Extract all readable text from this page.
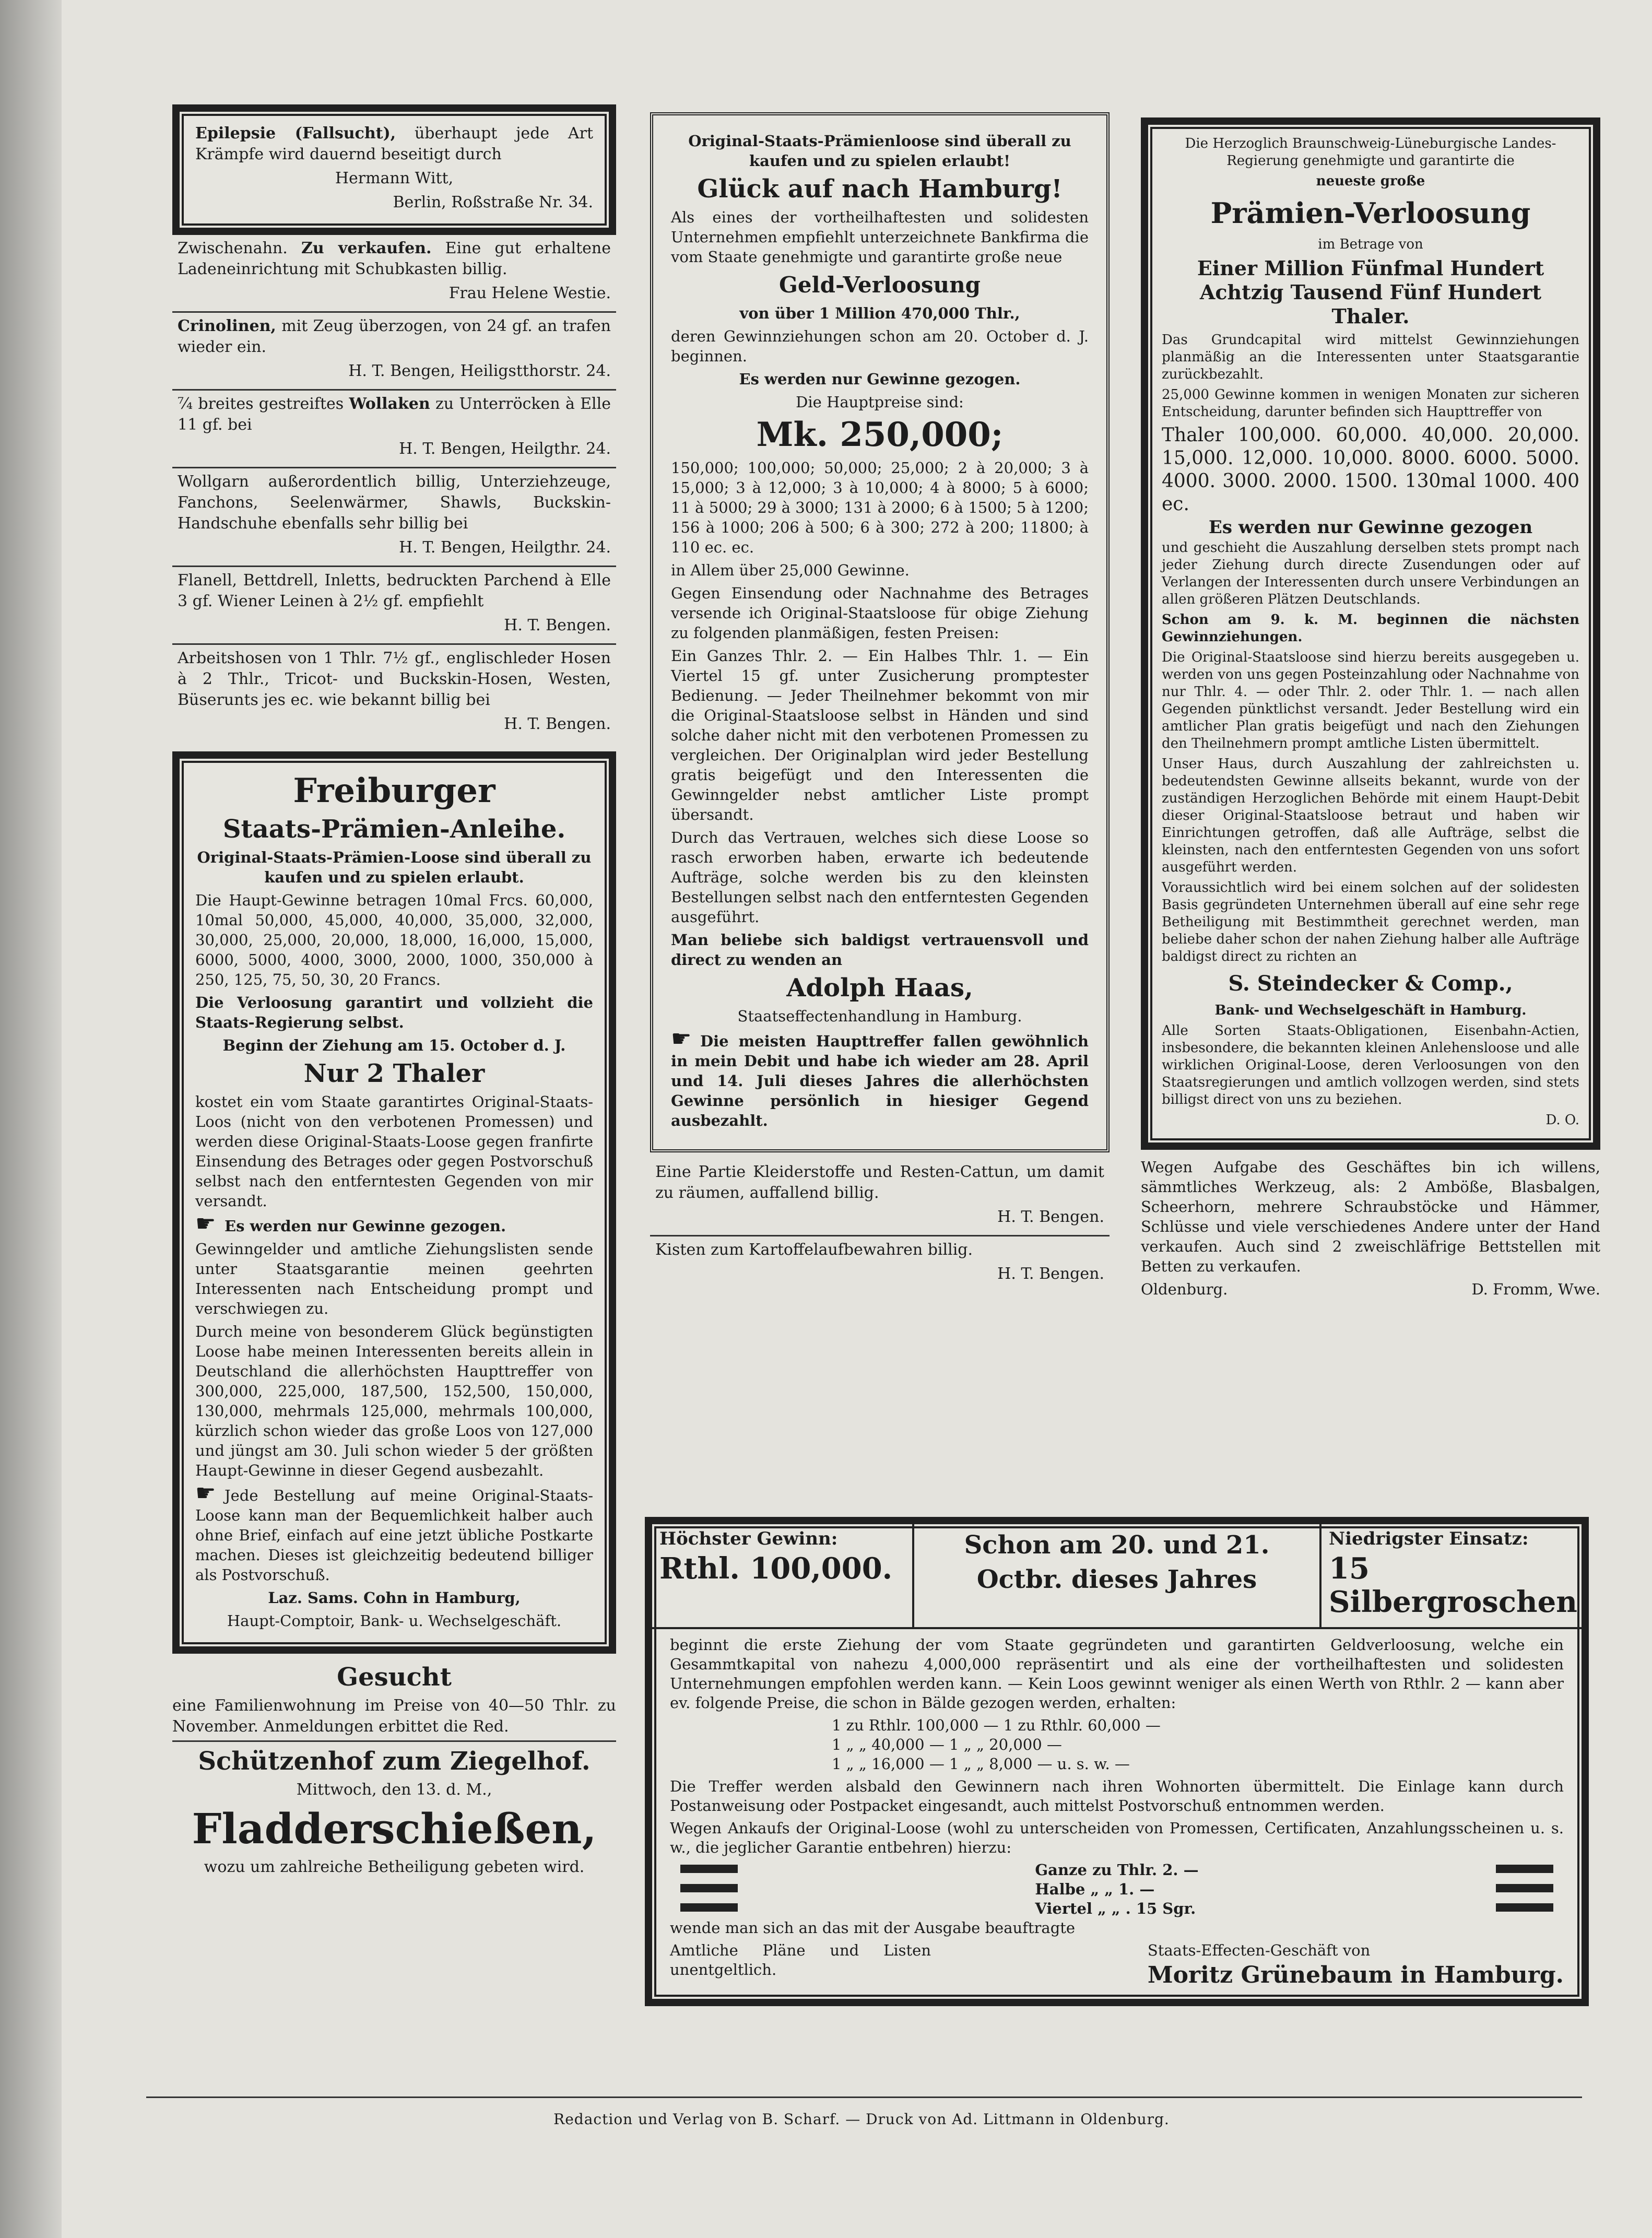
Epilepsie (Fallsucht), überhaupt jede Art Krämpfe wird dauernd beseitigt durch

Hermann Witt,

Berlin, Roßstraße Nr. 34.

Zwischenahn. Zu verkaufen. Eine gut erhaltene Ladeneinrichtung mit Schubkasten billig.

Frau Helene Westie.

Crinolinen, mit Zeug überzogen, von 24 gf. an trafen wieder ein.

H. T. Bengen, Heiligstthorstr. 24.

⁷⁄₄ breites gestreiftes Wollaken zu Unterröcken à Elle 11 gf. bei

H. T. Bengen, Heilgthr. 24.

Wollgarn außerordentlich billig, Unterziehzeuge, Fanchons, Seelenwärmer, Shawls, Buckskin-Handschuhe ebenfalls sehr billig bei

H. T. Bengen, Heilgthr. 24.

Flanell, Bettdrell, Inletts, bedruckten Parchend à Elle 3 gf. Wiener Leinen à 2½ gf. empfiehlt

H. T. Bengen.

Arbeitshosen von 1 Thlr. 7½ gf., englischleder Hosen à 2 Thlr., Tricot- und Buckskin-Hosen, Westen, Büserunts jes ec. wie bekannt billig bei

H. T. Bengen.

Freiburger

Staats-Prämien-Anleihe.

Original-Staats-Prämien-Loose sind überall zu kaufen und zu spielen erlaubt.

Die Haupt-Gewinne betragen 10mal Frcs. 60,000, 10mal 50,000, 45,000, 40,000, 35,000, 32,000, 30,000, 25,000, 20,000, 18,000, 16,000, 15,000, 6000, 5000, 4000, 3000, 2000, 1000, 350,000 à 250, 125, 75, 50, 30, 20 Francs.

Die Verloosung garantirt und vollzieht die Staats-Regierung selbst.

Beginn der Ziehung am 15. October d. J.

Nur 2 Thaler

kostet ein vom Staate garantirtes Original-Staats-Loos (nicht von den verbotenen Promessen) und werden diese Original-Staats-Loose gegen franfirte Einsendung des Betrages oder gegen Postvorschuß selbst nach den entferntesten Gegenden von mir versandt.

☛ Es werden nur Gewinne gezogen.

Gewinngelder und amtliche Ziehungslisten sende unter Staatsgarantie meinen geehrten Interessenten nach Entscheidung prompt und verschwiegen zu.

Durch meine von besonderem Glück begünstigten Loose habe meinen Interessenten bereits allein in Deutschland die allerhöchsten Haupttreffer von 300,000, 225,000, 187,500, 152,500, 150,000, 130,000, mehrmals 125,000, mehrmals 100,000, kürzlich schon wieder das große Loos von 127,000 und jüngst am 30. Juli schon wieder 5 der größten Haupt-Gewinne in dieser Gegend ausbezahlt.

☛ Jede Bestellung auf meine Original-Staats-Loose kann man der Bequemlichkeit halber auch ohne Brief, einfach auf eine jetzt übliche Postkarte machen. Dieses ist gleichzeitig bedeutend billiger als Postvorschuß.

Laz. Sams. Cohn in Hamburg,

Haupt-Comptoir, Bank- u. Wechselgeschäft.

Gesucht

eine Familienwohnung im Preise von 40—50 Thlr. zu November. Anmeldungen erbittet die Red.

Schützenhof zum Ziegelhof.

Mittwoch, den 13. d. M.,

Fladderschießen,

wozu um zahlreiche Betheiligung gebeten wird.

Original-Staats-Prämienloose sind überall zu kaufen und zu spielen erlaubt!

Glück auf nach Hamburg!

Als eines der vortheilhaftesten und solidesten Unternehmen empfiehlt unterzeichnete Bankfirma die vom Staate genehmigte und garantirte große neue

Geld-Verloosung

von über 1 Million 470,000 Thlr.,

deren Gewinnziehungen schon am 20. October d. J. beginnen.

Es werden nur Gewinne gezogen.

Die Hauptpreise sind:

Mk. 250,000;

150,000; 100,000; 50,000; 25,000; 2 à 20,000; 3 à 15,000; 3 à 12,000; 3 à 10,000; 4 à 8000; 5 à 6000; 11 à 5000; 29 à 3000; 131 à 2000; 6 à 1500; 5 à 1200; 156 à 1000; 206 à 500; 6 à 300; 272 à 200; 11800; à 110 ec. ec.

in Allem über 25,000 Gewinne.

Gegen Einsendung oder Nachnahme des Betrages versende ich Original-Staatsloose für obige Ziehung zu folgenden planmäßigen, festen Preisen:

Ein Ganzes Thlr. 2. — Ein Halbes Thlr. 1. — Ein Viertel 15 gf. unter Zusicherung promptester Bedienung. — Jeder Theilnehmer bekommt von mir die Original-Staatsloose selbst in Händen und sind solche daher nicht mit den verbotenen Promessen zu vergleichen. Der Originalplan wird jeder Bestellung gratis beigefügt und den Interessenten die Gewinngelder nebst amtlicher Liste prompt übersandt.

Durch das Vertrauen, welches sich diese Loose so rasch erworben haben, erwarte ich bedeutende Aufträge, solche werden bis zu den kleinsten Bestellungen selbst nach den entferntesten Gegenden ausgeführt.

Man beliebe sich baldigst vertrauensvoll und direct zu wenden an

Adolph Haas,

Staatseffectenhandlung in Hamburg.

☛ Die meisten Haupttreffer fallen gewöhnlich in mein Debit und habe ich wieder am 28. April und 14. Juli dieses Jahres die allerhöchsten Gewinne persönlich in hiesiger Gegend ausbezahlt.

Eine Partie Kleiderstoffe und Resten-Cattun, um damit zu räumen, auffallend billig.

H. T. Bengen.

Kisten zum Kartoffelaufbewahren billig.

H. T. Bengen.

Die Herzoglich Braunschweig-Lüneburgische Landes-Regierung genehmigte und garantirte die

neueste große

Prämien-Verloosung

im Betrage von

Einer Million Fünfmal Hundert Achtzig Tausend Fünf Hundert Thaler.

Das Grundcapital wird mittelst Gewinnziehungen planmäßig an die Interessenten unter Staatsgarantie zurückbezahlt.

25,000 Gewinne kommen in wenigen Monaten zur sicheren Entscheidung, darunter befinden sich Haupttreffer von

Thaler 100,000. 60,000. 40,000. 20,000. 15,000. 12,000. 10,000. 8000. 6000. 5000. 4000. 3000. 2000. 1500. 130mal 1000. 400 ec.

Es werden nur Gewinne gezogen

und geschieht die Auszahlung derselben stets prompt nach jeder Ziehung durch directe Zusendungen oder auf Verlangen der Interessenten durch unsere Verbindungen an allen größeren Plätzen Deutschlands.

Schon am 9. k. M. beginnen die nächsten Gewinnziehungen.

Die Original-Staatsloose sind hierzu bereits ausgegeben u. werden von uns gegen Posteinzahlung oder Nachnahme von nur Thlr. 4. — oder Thlr. 2. oder Thlr. 1. — nach allen Gegenden pünktlichst versandt. Jeder Bestellung wird ein amtlicher Plan gratis beigefügt und nach den Ziehungen den Theilnehmern prompt amtliche Listen übermittelt.

Unser Haus, durch Auszahlung der zahlreichsten u. bedeutendsten Gewinne allseits bekannt, wurde von der zuständigen Herzoglichen Behörde mit einem Haupt-Debit dieser Original-Staatsloose betraut und haben wir Einrichtungen getroffen, daß alle Aufträge, selbst die kleinsten, nach den entferntesten Gegenden von uns sofort ausgeführt werden.

Voraussichtlich wird bei einem solchen auf der solidesten Basis gegründeten Unternehmen überall auf eine sehr rege Betheiligung mit Bestimmtheit gerechnet werden, man beliebe daher schon der nahen Ziehung halber alle Aufträge baldigst direct zu richten an

S. Steindecker & Comp.,

Bank- und Wechselgeschäft in Hamburg.

Alle Sorten Staats-Obligationen, Eisenbahn-Actien, insbesondere, die bekannten kleinen Anlehensloose und alle wirklichen Original-Loose, deren Verloosungen von den Staatsregierungen und amtlich vollzogen werden, sind stets billigst direct von uns zu beziehen.

D. O.

Wegen Aufgabe des Geschäftes bin ich willens, sämmtliches Werkzeug, als: 2 Amböße, Blasbalgen, Scheerhorn, mehrere Schraubstöcke und Hämmer, Schlüsse und viele verschiedenes Andere unter der Hand verkaufen. Auch sind 2 zweischläfrige Bettstellen mit Betten zu verkaufen.

Oldenburg.	D. Fromm, Wwe.

Höchster Gewinn:

Rthl. 100,000.

Schon am 20. und 21.

Octbr. dieses Jahres

Niedrigster Einsatz:

15 Silbergroschen

beginnt die erste Ziehung der vom Staate gegründeten und garantirten Geldverloosung, welche ein Gesammtkapital von nahezu 4,000,000 repräsentirt und als eine der vortheilhaftesten und solidesten Unternehmungen empfohlen werden kann. — Kein Loos gewinnt weniger als einen Werth von Rthlr. 2 — kann aber ev. folgende Preise, die schon in Bälde gezogen werden, erhalten:

1 zu Rthlr. 100,000 — 1 zu Rthlr. 60,000 —

1 „ „ 40,000 — 1 „ „ 20,000 —

1 „ „ 16,000 — 1 „ „ 8,000 — u. s. w. —

Die Treffer werden alsbald den Gewinnern nach ihren Wohnorten übermittelt. Die Einlage kann durch Postanweisung oder Postpacket eingesandt, auch mittelst Postvorschuß entnommen werden.

Wegen Ankaufs der Original-Loose (wohl zu unterscheiden von Promessen, Certificaten, Anzahlungsscheinen u. s. w., die jeglicher Garantie entbehren) hierzu:

Ganze zu Thlr. 2. —

Halbe „ „ 1. —

Viertel „ „ . 15 Sgr.

wende man sich an das mit der Ausgabe beauftragte

Amtliche Pläne und Listen unentgeltlich.

Staats-Effecten-Geschäft von

Moritz Grünebaum in Hamburg.

Redaction und Verlag von B. Scharf. — Druck von Ad. Littmann in Oldenburg.
